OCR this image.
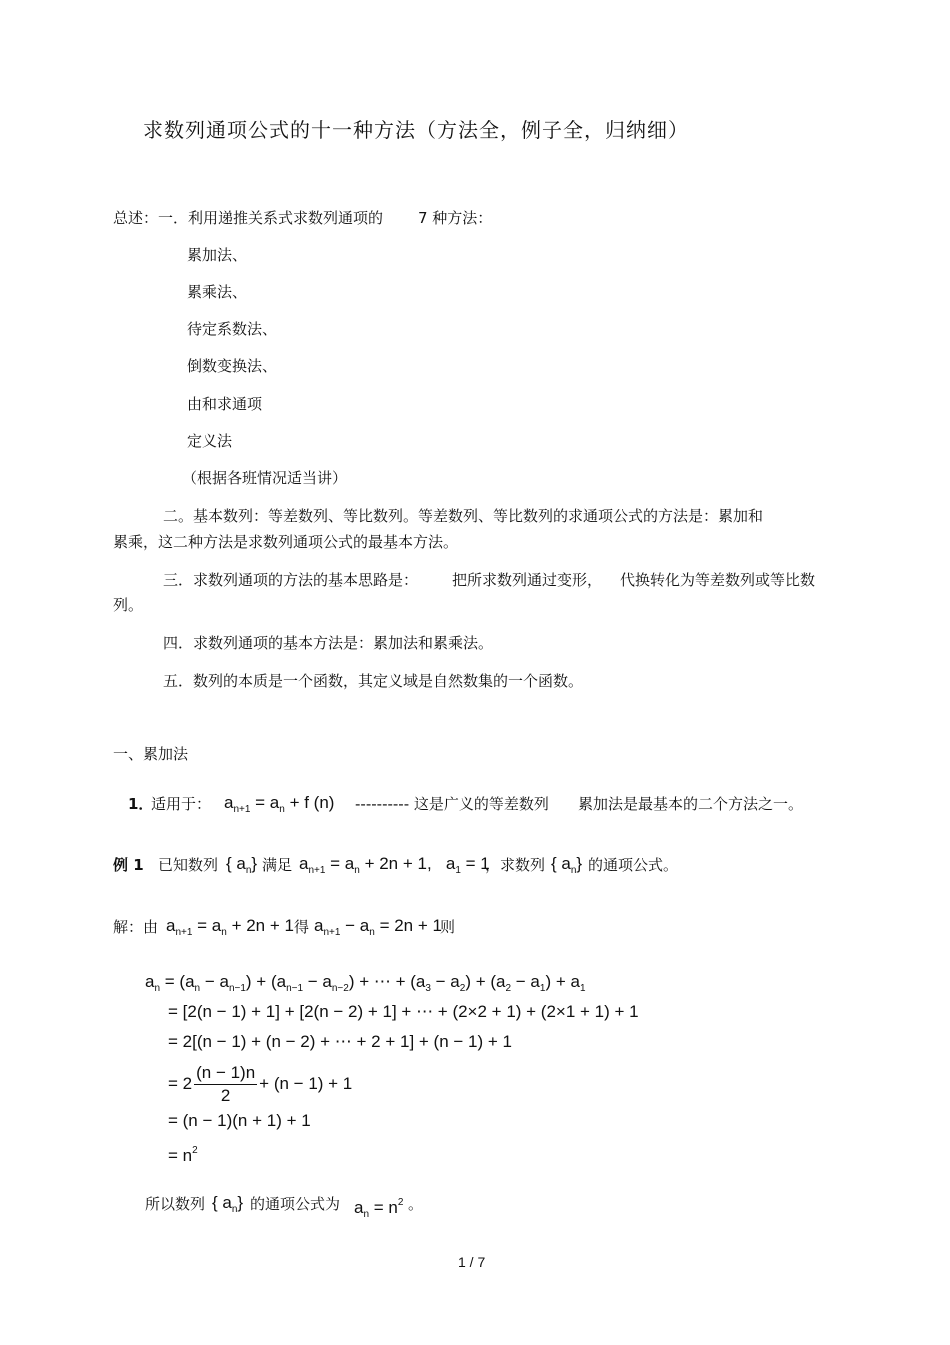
求数列通项公式的十一种方法（方法全，例子全，归纳细）
总述：一．利用递推关系式求数列通项的 7 种方法：
累加法、
累乘法、
待定系数法、
倒数变换法、
由和求通项
定义法
（根据各班情况适当讲）
二。基本数列：等差数列、等比数列。等差数列、等比数列的求通项公式的方法是：累加和
累乘，这二种方法是求数列通项公式的最基本方法。
三．求数列通项的方法的基本思路是： 把所求数列通过变形， 代换转化为等差数列或等比数
列。
四．求数列通项的基本方法是：累加法和累乘法。
五．数列的本质是一个函数，其定义域是自然数集的一个函数。
一、累加法
1．
适用于： $a_{n+1} = a_n + f$ (n) ---------- 这是广义的等差数列 累加法是最基本的二个方法之一。
例 1 已知数列 { $a_n$} 满足 $a_{n+1} = a_n + 2n + 1$,   $a_1 = 1$
，求数列 { $a_n$} 的通项公式。
解：由 $a_{n+1} = a_n + 2n + 1$ 得 $a_{n+1} - a_n = 2n + 1$
则
$a_n = (a_n - a_{n-1}) + (a_{n-1} - a_{n-2})$ + ⋯ + $(a_3 - a_2) + (a_2 - a_1) + a_1$
= [2(n − 1) + 1] + [2(n − 2) + 1] + ⋯ + (2×2 + 1) + (2×1 + 1) + 1
= 2[(n − 1) + (n − 2) + ⋯ + 2 + 1] + (n − 1) + 1
= $2 \frac{(n - 1)n}{2} + (n - 1) + 1$
= (n − 1)(n + 1) + 1
= $n^2$
所以数列 { $a_n$} 的通项公式为 $a_n = n^2$ 。
1 / 7
